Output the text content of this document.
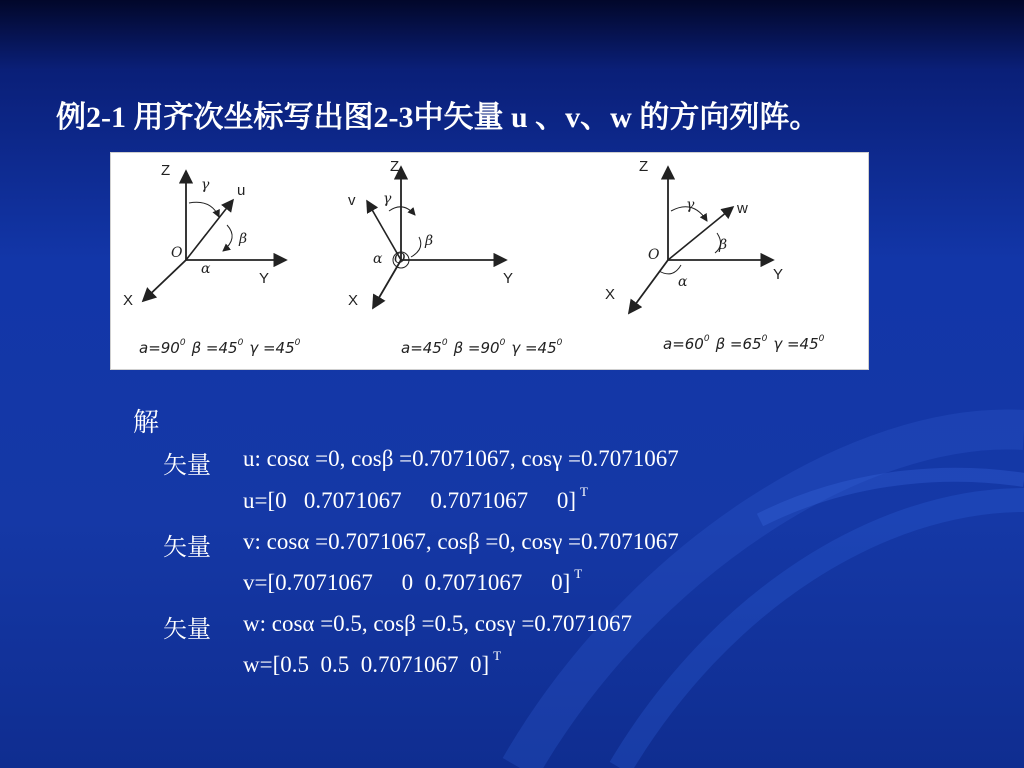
例2-1 用齐次坐标写出图2-3中矢量 u 、v、w 的方向列阵。
Z
Y
X
O
u
γ
β
α
$a=90^0$ $\beta =45^0$ $\gamma =45^0$
Z
Y
X
O
v γ
β
α
$a=45^0$ $\beta =90^0$ $\gamma =45^0$
Z
Y
X
O
w
γ
β
α
$a=60^0$ $\beta =65^0$ $\gamma =45^0$
解
矢量 u: cosα =0, cosβ =0.7071067, cosγ =0.7071067
u=[0   0.7071067     0.7071067     0] $^T$
矢量 v: cosα =0.7071067, cosβ =0, cosγ =0.7071067
v=[0.7071067     0  0.7071067     0] $^T$
矢量 w: cosα =0.5, cosβ =0.5, cosγ =0.7071067
w=[0.5  0.5  0.7071067  0] $^T$
